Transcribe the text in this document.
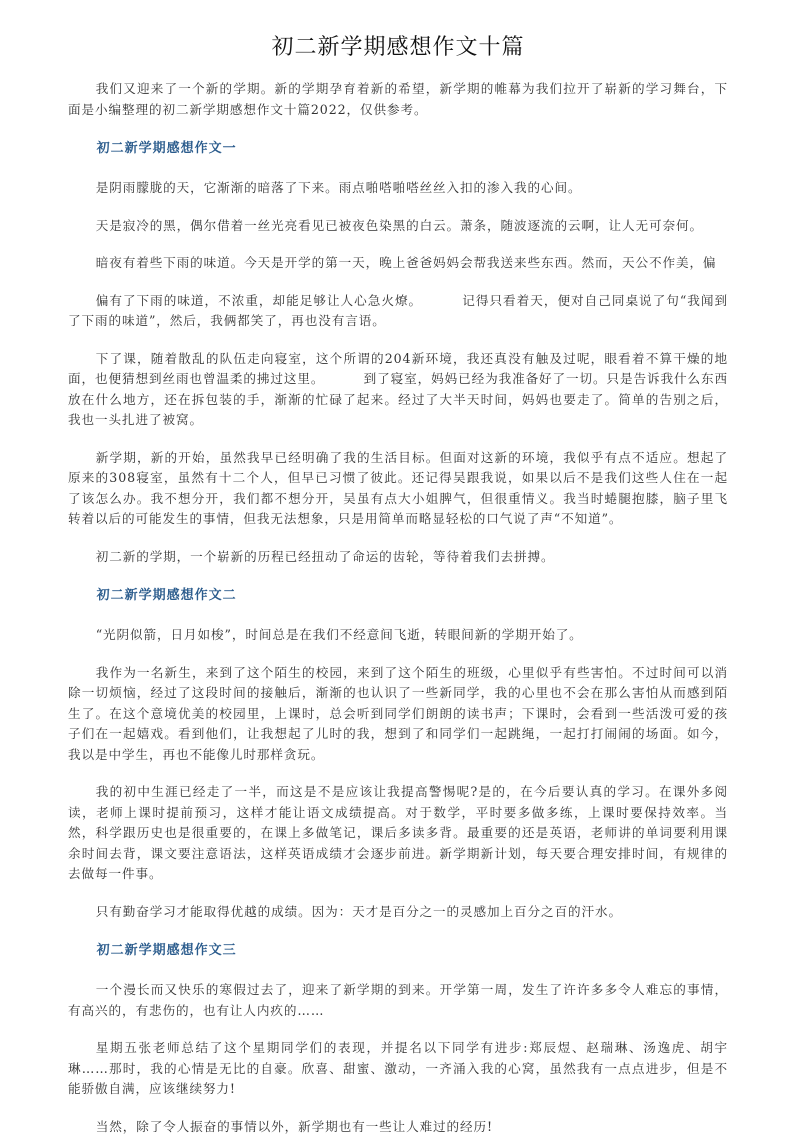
初二新学期感想作文十篇

我们又迎来了一个新的学期。新的学期孕育着新的希望，新学期的帷幕为我们拉开了崭新的学习舞台，下面是小编整理的初二新学期感想作文十篇2022，仅供参考。

初二新学期感想作文一

是阴雨朦胧的天，它渐渐的暗落了下来。雨点啪嗒啪嗒丝丝入扣的渗入我的心间。

天是寂冷的黑，偶尔借着一丝光亮看见已被夜色染黑的白云。萧条，随波逐流的云啊，让人无可奈何。

暗夜有着些下雨的味道。今天是开学的第一天，晚上爸爸妈妈会帮我送来些东西。然而，天公不作美，偏

偏有了下雨的味道，不浓重，却能足够让人心急火燎。        记得只看着天，便对自己同桌说了句“我闻到了下雨的味道”，然后，我俩都笑了，再也没有言语。

下了课，随着散乱的队伍走向寝室，这个所谓的204新环境，我还真没有触及过呢，眼看着不算干燥的地面，也便猜想到丝雨也曾温柔的拂过这里。        到了寝室，妈妈已经为我准备好了一切。只是告诉我什么东西放在什么地方，还在拆包装的手，渐渐的忙碌了起来。经过了大半天时间，妈妈也要走了。简单的告别之后，我也一头扎进了被窝。

新学期，新的开始，虽然我早已经明确了我的生活目标。但面对这新的环境，我似乎有点不适应。想起了原来的308寝室，虽然有十二个人，但早已习惯了彼此。还记得吴跟我说，如果以后不是我们这些人住在一起了该怎么办。我不想分开，我们都不想分开，吴虽有点大小姐脾气，但很重情义。我当时蜷腿抱膝，脑子里飞转着以后的可能发生的事情，但我无法想象，只是用简单而略显轻松的口气说了声“不知道”。

初二新的学期，一个崭新的历程已经扭动了命运的齿轮，等待着我们去拼搏。

初二新学期感想作文二

“光阴似箭，日月如梭”，时间总是在我们不经意间飞逝，转眼间新的学期开始了。

我作为一名新生，来到了这个陌生的校园，来到了这个陌生的班级，心里似乎有些害怕。不过时间可以消除一切烦恼，经过了这段时间的接触后，渐渐的也认识了一些新同学，我的心里也不会在那么害怕从而感到陌生了。在这个意境优美的校园里，上课时，总会听到同学们朗朗的读书声；下课时，会看到一些活泼可爱的孩子们在一起嬉戏。看到他们，让我想起了儿时的我，想到了和同学们一起跳绳，一起打打闹闹的场面。如今，我以是中学生，再也不能像儿时那样贪玩。

我的初中生涯已经走了一半，而这是不是应该让我提高警惕呢?是的，在今后要认真的学习。在课外多阅读，老师上课时提前预习，这样才能让语文成绩提高。对于数学，平时要多做多练，上课时要保持效率。当然，科学跟历史也是很重要的，在课上多做笔记，课后多读多背。最重要的还是英语，老师讲的单词要利用课余时间去背，课文要注意语法，这样英语成绩才会逐步前进。新学期新计划，每天要合理安排时间，有规律的去做每一件事。

只有勤奋学习才能取得优越的成绩。因为：天才是百分之一的灵感加上百分之百的汗水。

初二新学期感想作文三

一个漫长而又快乐的寒假过去了，迎来了新学期的到来。开学第一周，发生了许许多多令人难忘的事情，有高兴的，有悲伤的，也有让人内疚的……

星期五张老师总结了这个星期同学们的表现，并提名以下同学有进步:郑辰煜、赵瑞琳、汤逸虎、胡宇琳……那时，我的心情是无比的自豪。欣喜、甜蜜、激动，一齐涌入我的心窝，虽然我有一点点进步，但是不能骄傲自满，应该继续努力!

当然，除了令人振奋的事情以外，新学期也有一些让人难过的经历!
